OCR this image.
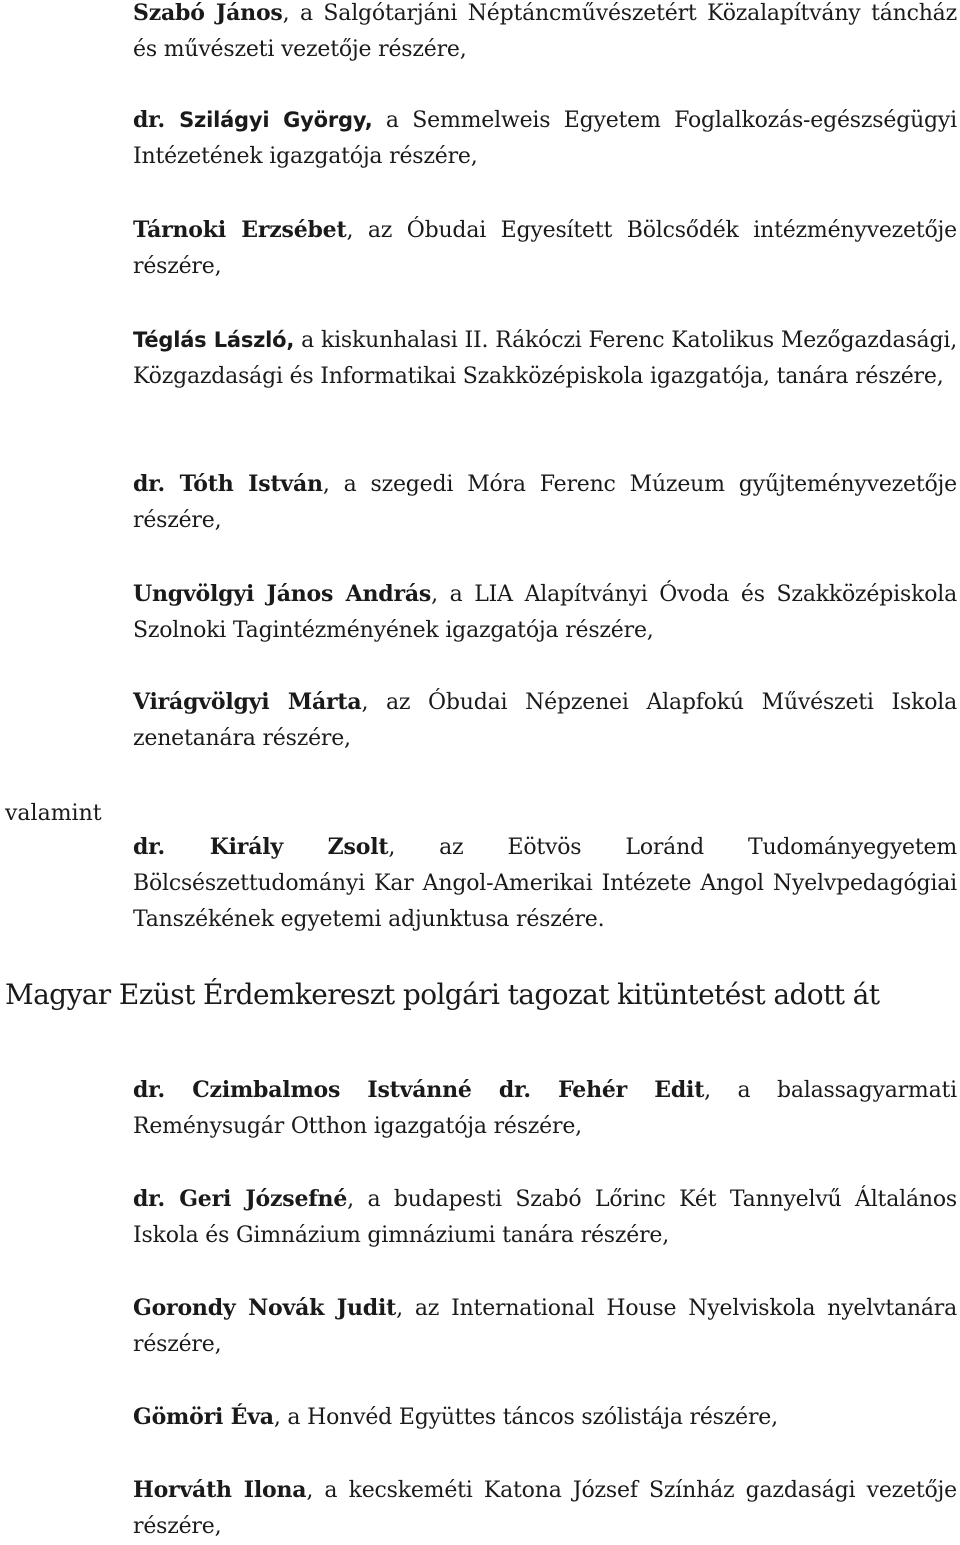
Szabó János, a Salgótarjáni Néptáncművészetért Közalapítvány táncház és művészeti vezetője részére,
dr. Szilágyi György, a Semmelweis Egyetem Foglalkozás-egészségügyi Intézetének igazgatója részére,
Tárnoki Erzsébet, az Óbudai Egyesített Bölcsődék intézményvezetője részére,
Téglás László, a kiskunhalasi II. Rákóczi Ferenc Katolikus Mezőgazdasági, Közgazdasági és Informatikai Szakközépiskola igazgatója, tanára részére,
dr. Tóth István, a szegedi Móra Ferenc Múzeum gyűjteményvezetője részére,
Ungvölgyi János András, a LIA Alapítványi Óvoda és Szakközépiskola Szolnoki Tagintézményének igazgatója részére,
Virágvölgyi Márta, az Óbudai Népzenei Alapfokú Művészeti Iskola zenetanára részére,
valamint
dr. Király Zsolt, az Eötvös Loránd Tudományegyetem Bölcsészettudományi Kar Angol-Amerikai Intézete Angol Nyelvpedagógiai Tanszékének egyetemi adjunktusa részére.
Magyar Ezüst Érdemkereszt polgári tagozat kitüntetést adott át
dr. Czimbalmos Istvánné dr. Fehér Edit, a balassagyarmati Reménysugár Otthon igazgatója részére,
dr. Geri Józsefné, a budapesti Szabó Lőrinc Két Tannyelvű Általános Iskola és Gimnázium gimnáziumi tanára részére,
Gorondy Novák Judit, az International House Nyelviskola nyelvtanára részére,
Gömöri Éva, a Honvéd Együttes táncos szólistája részére,
Horváth Ilona, a kecskeméti Katona József Színház gazdasági vezetője részére,
